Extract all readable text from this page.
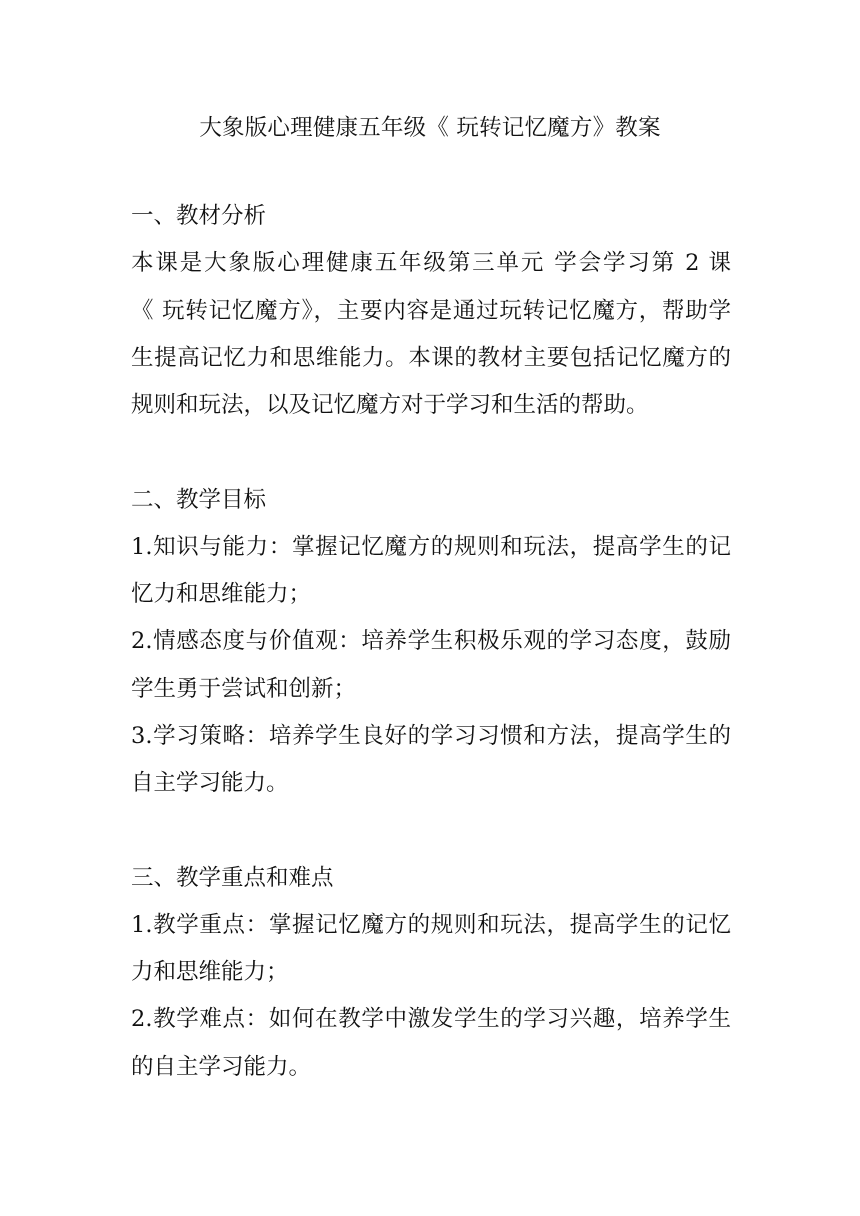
大象版心理健康五年级《 玩转记忆魔方》教案
一、教材分析
本课是大象版心理健康五年级第三单元 学会学习第 2 课
《 玩转记忆魔方》，主要内容是通过玩转记忆魔方，帮助学
生提高记忆力和思维能力。本课的教材主要包括记忆魔方的
规则和玩法，以及记忆魔方对于学习和生活的帮助。
二、教学目标
1.知识与能力：掌握记忆魔方的规则和玩法，提高学生的记
忆力和思维能力；
2.情感态度与价值观：培养学生积极乐观的学习态度，鼓励
学生勇于尝试和创新；
3.学习策略：培养学生良好的学习习惯和方法，提高学生的
自主学习能力。
三、教学重点和难点
1.教学重点：掌握记忆魔方的规则和玩法，提高学生的记忆
力和思维能力；
2.教学难点：如何在教学中激发学生的学习兴趣，培养学生
的自主学习能力。
